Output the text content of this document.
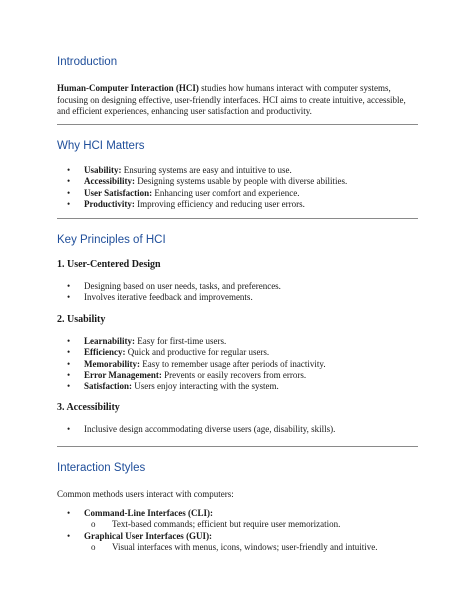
Introduction

Human-Computer Interaction (HCI) studies how humans interact with computer systems,
focusing on designing effective, user-friendly interfaces. HCI aims to create intuitive, accessible,
and efficient experiences, enhancing user satisfaction and productivity.

Why HCI Matters
• Usability: Ensuring systems are easy and intuitive to use.
• Accessibility: Designing systems usable by people with diverse abilities.
• User Satisfaction: Enhancing user comfort and experience.
• Productivity: Improving efficiency and reducing user errors.
Key Principles of HCI
1. User-Centered Design
• Designing based on user needs, tasks, and preferences.
• Involves iterative feedback and improvements.
2. Usability
• Learnability: Easy for first-time users.
• Efficiency: Quick and productive for regular users.
• Memorability: Easy to remember usage after periods of inactivity.
• Error Management: Prevents or easily recovers from errors.
• Satisfaction: Users enjoy interacting with the system.
3. Accessibility
• Inclusive design accommodating diverse users (age, disability, skills).
Interaction Styles

Common methods users interact with computers:

• Command-Line Interfaces (CLI):
o Text-based commands; efficient but require user memorization.
• Graphical User Interfaces (GUI):
o Visual interfaces with menus, icons, windows; user-friendly and intuitive.
